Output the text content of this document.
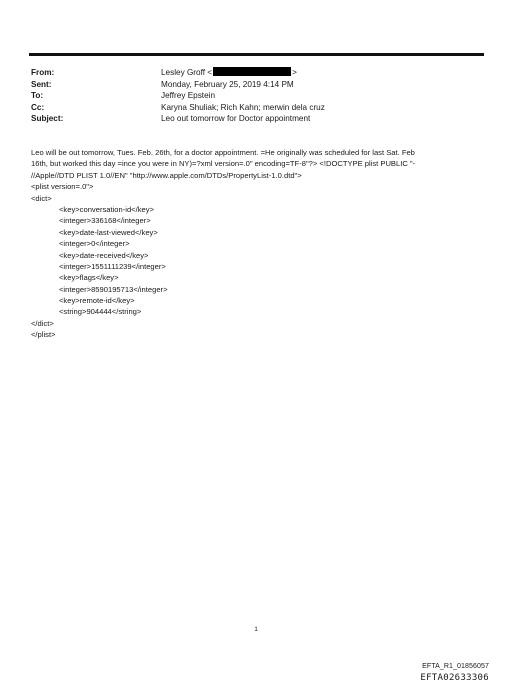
From:	Lesley Groff <	>
Sent:	Monday, February 25, 2019 4:14 PM
To:	Jeffrey Epstein
Cc:	Karyna Shuliak; Rich Kahn; merwin dela cruz
Subject:	Leo out tomorrow for Doctor appointment
Leo will be out tomorrow, Tues. Feb. 26th, for a doctor appointment. =He originally was scheduled for last Sat. Feb
16th, but worked this day =ince you were in NY)=?xml version=.0" encoding=TF-8"?> <!DOCTYPE plist PUBLIC "-
//Apple//DTD PLIST 1.0//EN" "http://www.apple.com/DTDs/PropertyList-1.0.dtd">
<plist version=.0">
<dict>
<key>conversation-id</key>
<integer>336168</integer>
<key>date-last-viewed</key>
<integer>0</integer>
<key>date-received</key>
<integer>1551111239</integer>
<key>flags</key>
<integer>8590195713</integer>
<key>remote-id</key>
<string>904444</string>
</dict>
</plist>
1
EFTA_R1_01856057
EFTA02633306
